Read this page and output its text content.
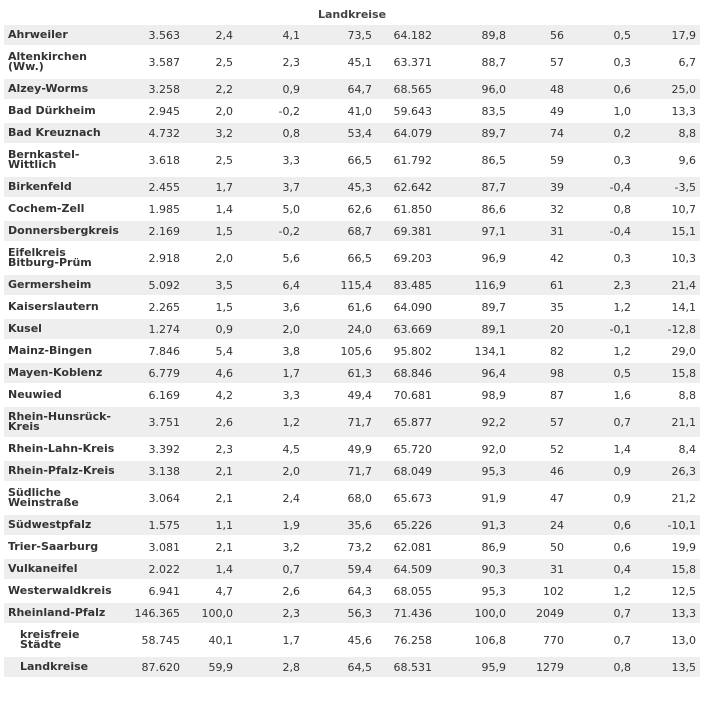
Landkreise
Ahrweiler	3.563	2,4	4,1	73,5	64.182	89,8	56	0,5	17,9
Altenkirchen (Ww.)	3.587	2,5	2,3	45,1	63.371	88,7	57	0,3	6,7
Alzey-Worms	3.258	2,2	0,9	64,7	68.565	96,0	48	0,6	25,0
Bad Dürkheim	2.945	2,0	-0,2	41,0	59.643	83,5	49	1,0	13,3
Bad Kreuznach	4.732	3,2	0,8	53,4	64.079	89,7	74	0,2	8,8
Bernkastel-Wittlich	3.618	2,5	3,3	66,5	61.792	86,5	59	0,3	9,6
Birkenfeld	2.455	1,7	3,7	45,3	62.642	87,7	39	-0,4	-3,5
Cochem-Zell	1.985	1,4	5,0	62,6	61.850	86,6	32	0,8	10,7
Donnersbergkreis	2.169	1,5	-0,2	68,7	69.381	97,1	31	-0,4	15,1
Eifelkreis Bitburg-Prüm	2.918	2,0	5,6	66,5	69.203	96,9	42	0,3	10,3
Germersheim	5.092	3,5	6,4	115,4	83.485	116,9	61	2,3	21,4
Kaiserslautern	2.265	1,5	3,6	61,6	64.090	89,7	35	1,2	14,1
Kusel	1.274	0,9	2,0	24,0	63.669	89,1	20	-0,1	-12,8
Mainz-Bingen	7.846	5,4	3,8	105,6	95.802	134,1	82	1,2	29,0
Mayen-Koblenz	6.779	4,6	1,7	61,3	68.846	96,4	98	0,5	15,8
Neuwied	6.169	4,2	3,3	49,4	70.681	98,9	87	1,6	8,8
Rhein-Hunsrück-Kreis	3.751	2,6	1,2	71,7	65.877	92,2	57	0,7	21,1
Rhein-Lahn-Kreis	3.392	2,3	4,5	49,9	65.720	92,0	52	1,4	8,4
Rhein-Pfalz-Kreis	3.138	2,1	2,0	71,7	68.049	95,3	46	0,9	26,3
Südliche Weinstraße	3.064	2,1	2,4	68,0	65.673	91,9	47	0,9	21,2
Südwestpfalz	1.575	1,1	1,9	35,6	65.226	91,3	24	0,6	-10,1
Trier-Saarburg	3.081	2,1	3,2	73,2	62.081	86,9	50	0,6	19,9
Vulkaneifel	2.022	1,4	0,7	59,4	64.509	90,3	31	0,4	15,8
Westerwaldkreis	6.941	4,7	2,6	64,3	68.055	95,3	102	1,2	12,5
Rheinland-Pfalz	146.365	100,0	2,3	56,3	71.436	100,0	2049	0,7	13,3
kreisfreie Städte	58.745	40,1	1,7	45,6	76.258	106,8	770	0,7	13,0
Landkreise	87.620	59,9	2,8	64,5	68.531	95,9	1279	0,8	13,5
